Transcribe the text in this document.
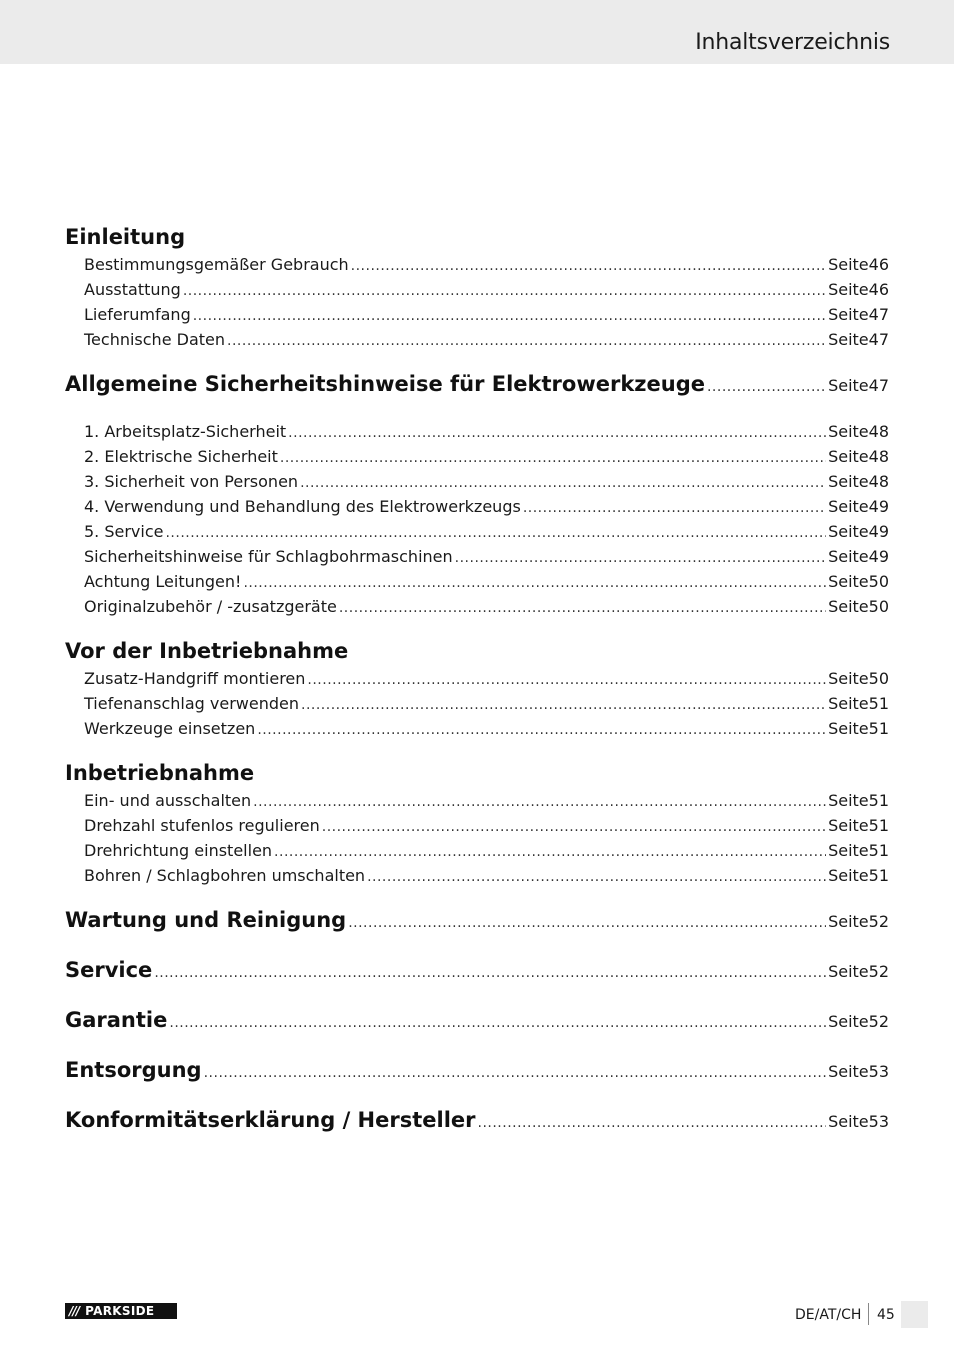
Inhaltsverzeichnis
Einleitung
Bestimmungsgemäßer Gebrauch .....	Seite 46
Ausstattung .....	Seite 46
Lieferumfang .....	Seite 47
Technische Daten .....	Seite 47
Allgemeine Sicherheitshinweise für Elektrowerkzeuge .....	Seite 47
1. Arbeitsplatz-Sicherheit .....	Seite 48
2. Elektrische Sicherheit .....	Seite 48
3. Sicherheit von Personen .....	Seite 48
4. Verwendung und Behandlung des Elektrowerkzeugs .....	Seite 49
5. Service .....	Seite 49
Sicherheitshinweise für Schlagbohrmaschinen .....	Seite 49
Achtung Leitungen! .....	Seite 50
Originalzubehör / -zusatzgeräte .....	Seite 50
Vor der Inbetriebnahme
Zusatz-Handgriff montieren .....	Seite 50
Tiefenanschlag verwenden .....	Seite 51
Werkzeuge einsetzen .....	Seite 51
Inbetriebnahme
Ein- und ausschalten .....	Seite 51
Drehzahl stufenlos regulieren .....	Seite 51
Drehrichtung einstellen .....	Seite 51
Bohren / Schlagbohren umschalten .....	Seite 51
Wartung und Reinigung .....	Seite 52
Service .....	Seite 52
Garantie .....	Seite 52
Entsorgung .....	Seite 53
Konformitätserklärung / Hersteller .....	Seite 53
/// PARKSIDE	DE/AT/CH 45
